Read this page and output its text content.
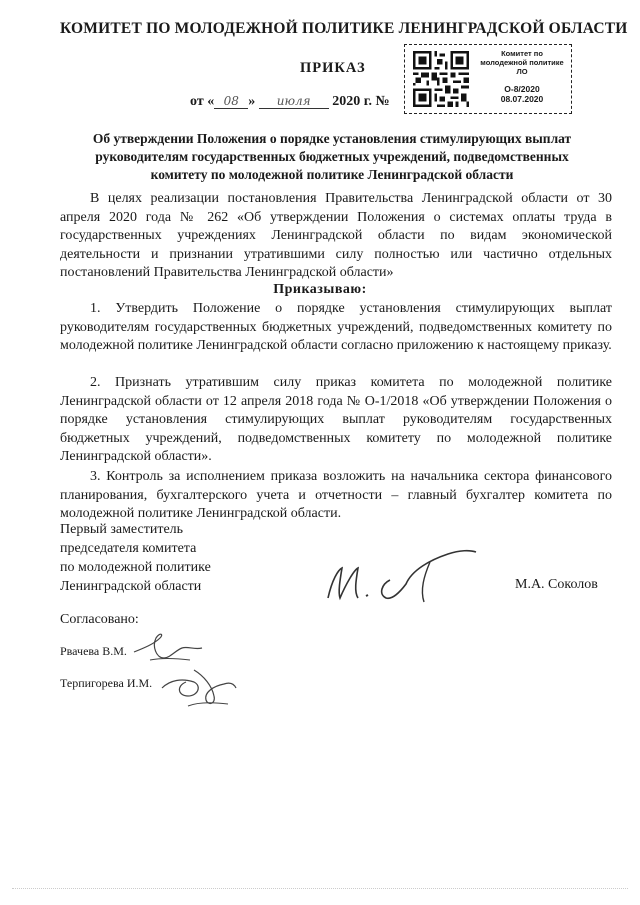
КОМИТЕТ ПО МОЛОДЕЖНОЙ ПОЛИТИКЕ ЛЕНИНГРАДСКОЙ ОБЛАСТИ
ПРИКАЗ
от « 08 » июля 2020 г. №
Комитет по
молодежной политике
ЛО
О-8/2020
08.07.2020
Об утверждении Положения о порядке установления стимулирующих выплат
руководителям государственных бюджетных учреждений, подведомственных
комитету по молодежной политике Ленинградской области
В целях реализации постановления Правительства Ленинградской области от 30 апреля 2020 года № 262 «Об утверждении Положения о системах оплаты труда в государственных учреждениях Ленинградской области по видам экономической деятельности и признании утратившими силу полностью или частично отдельных постановлений Правительства Ленинградской области»
Приказываю:
1. Утвердить Положение о порядке установления стимулирующих выплат руководителям государственных бюджетных учреждений, подведомственных комитету по молодежной политике Ленинградской области согласно приложению к настоящему приказу.
2. Признать утратившим силу приказ комитета по молодежной политике Ленинградской области от 12 апреля 2018 года № О-1/2018 «Об утверждении Положения о порядке установления стимулирующих выплат руководителям государственных бюджетных учреждений, подведомственных комитету по молодежной политике Ленинградской области».
3. Контроль за исполнением приказа возложить на начальника сектора финансового планирования, бухгалтерского учета и отчетности – главный бухгалтер комитета по молодежной политике Ленинградской области.
Первый заместитель
председателя комитета
по молодежной политике
Ленинградской области	М.А. Соколов
Согласовано:
Рвачева В.М.
Терпигорева И.М.
